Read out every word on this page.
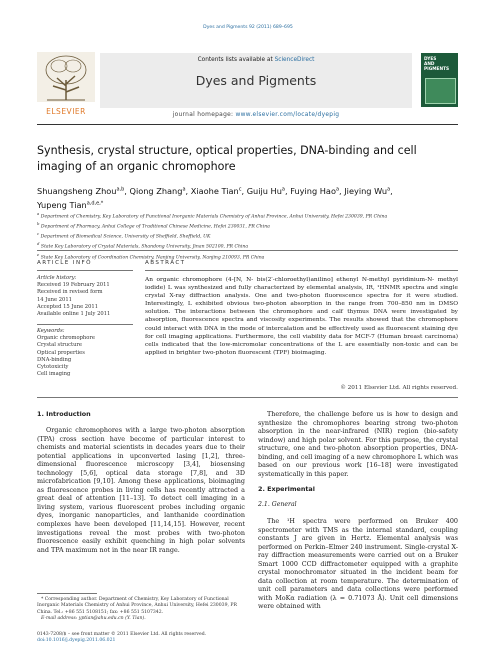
Dyes and Pigments 92 (2011) 689–695
ELSEVIER
Contents lists available at ScienceDirect
Dyes and Pigments
journal homepage: www.elsevier.com/locate/dyepig
DYES
AND
PIGMENTS
Synthesis, crystal structure, optical properties, DNA-binding and cell imaging of an organic chromophore
Shuangsheng Zhou$^{a,b}$, Qiong Zhang$^a$, Xiaohe Tian$^c$, Guiju Hu$^a$, Fuying Hao$^a$, Jieying Wu$^a$, Yupeng Tian$^{a,d,e,*}$
$^a$ Department of Chemistry, Key Laboratory of Functional Inorganic Materials Chemistry of Anhui Province, Anhui University, Hefei 230039, PR China
$^b$ Department of Pharmacy, Anhui College of Traditional Chinese Medicine, Hefei 230031, PR China
$^c$ Department of Biomedical Science, University of Sheffield, Sheffield, UK
$^d$ State Key Laboratory of Crystal Materials, Shandong University, Jinan 502100, PR China
$^e$ State Key Laboratory of Coordination Chemistry, Nanjing University, Nanjing 210093, PR China
ARTICLE INFO
Article history:
Received 19 February 2011
Received in revised form
14 June 2011
Accepted 15 June 2011
Available online 1 July 2011
Keywords:
Organic chromophore
Crystal structure
Optical properties
DNA-binding
Cytotoxicity
Cell imaging
ABSTRACT
An organic chromophore (4-[N, N- bis(2′-chloroethyl)anilino] ethenyl N-methyl pyridinium-N- methyl iodide) L was synthesized and fully characterized by elemental analysis, IR, ¹HNMR spectra and single crystal X-ray diffraction analysis. One and two-photon fluorescence spectra for it were studied. Interestingly, L exhibited obvious two-photon absorption in the range from 700–850 nm in DMSO solution. The interactions between the chromophore and calf thymus DNA were investigated by absorption, fluorescence spectra and viscosity experiments. The results showed that the chromophore could interact with DNA in the mode of intercalation and be effectively used as fluorescent staining dye for cell imaging applications. Furthermore, the cell viability data for MCF-7 (Human breast carcinoma) cells indicated that the low-micromolar concentrations of the L are essentially non-toxic and can be applied in brighter two-photon fluorescent (TPF) bioimaging.
© 2011 Elsevier Ltd. All rights reserved.
1. Introduction
Organic chromophores with a large two-photon absorption (TPA) cross section have become of particular interest to chemists and material scientists in decades years due to their potential applications in upconverted lasing [1,2], three-dimensional fluorescence microscopy [3,4], biosensing technology [5,6], optical data storage [7,8], and 3D microfabrication [9,10]. Among these applications, bioimaging as fluorescence probes in living cells has recently attracted a great deal of attention [11–13]. To detect cell imaging in a living system, various fluorescent probes including organic dyes, inorganic nanoparticles, and lanthanide coordination complexes have been developed [11,14,15]. However, recent investigations reveal the most probes with two-photon fluorescence easily exhibit quenching in high polar solvents and TPA maximum not in the near IR range.
* Corresponding author. Department of Chemistry, Key Laboratory of Functional Inorganic Materials Chemistry of Anhui Province, Anhui University, Hefei 230039, PR China. Tel.: +86 551 5108151; fax: +86 551 5107342.
E-mail address: yptian@ahu.edu.cn (Y. Tian).
0143-7208/$ – see front matter © 2011 Elsevier Ltd. All rights reserved.
doi:10.1016/j.dyepig.2011.06.021
Therefore, the challenge before us is how to design and synthesize the chromophores bearing strong two-photon absorption in the near-infrared (NIR) region (bio-safety window) and high polar solvent. For this purpose, the crystal structure, one and two-photon absorption properties, DNA-binding, and cell imaging of a new chromophore L which was based on our previous work [16–18] were investigated systematically in this paper.
2. Experimental
2.1. General
The ¹H spectra were performed on Bruker 400 spectrometer with TMS as the internal standard, coupling constants J are given in Hertz. Elemental analysis was performed on Perkin–Elmer 240 instrument. Single-crystal X-ray diffraction measurements were carried out on a Bruker Smart 1000 CCD diffractometer equipped with a graphite crystal monochromator situated in the incident beam for data collection at room temperature. The determination of unit cell parameters and data collections were performed with MoKα radiation (λ = 0.71073 Å). Unit cell dimensions were obtained with
